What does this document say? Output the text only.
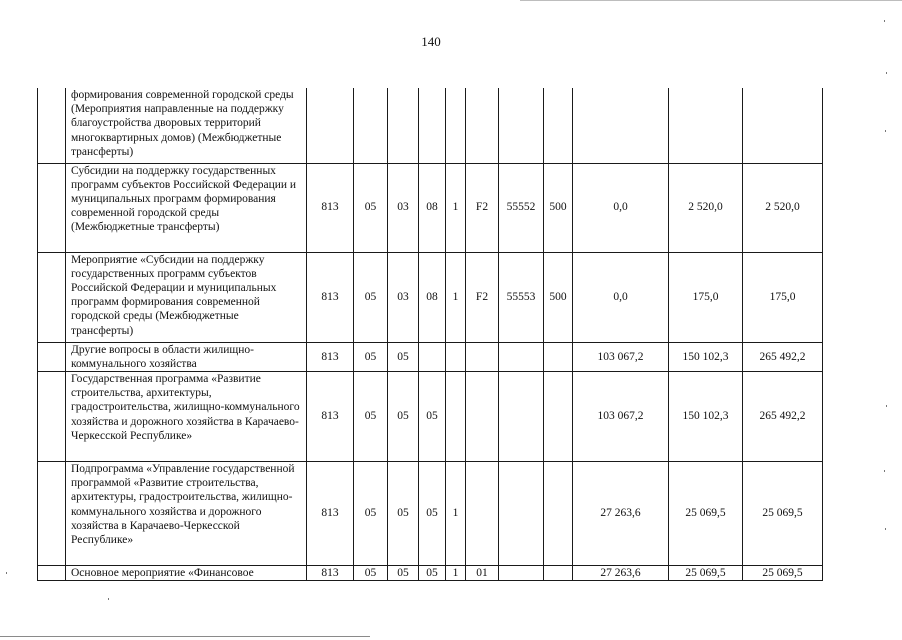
140
	формирования современной городской среды (Мероприятия направленные на поддержку благоустройства дворовых территорий многоквартирных домов) (Межбюджетные трансферты)											
	Субсидии на поддержку государственных программ субъектов Российской Федерации и муниципальных программ формирования современной городской среды (Межбюджетные трансферты)	813	05	03	08	1	F2	55552	500	0,0	2 520,0	2 520,0
	Мероприятие «Субсидии на поддержку государственных программ субъектов Российской Федерации и муниципальных программ формирования современной городской среды (Межбюджетные трансферты)	813	05	03	08	1	F2	55553	500	0,0	175,0	175,0
	Другие вопросы в области жилищно-коммунального хозяйства	813	05	05						103 067,2	150 102,3	265 492,2
	Государственная программа «Развитие строительства, архитектуры, градостроительства, жилищно-коммунального хозяйства и дорожного хозяйства в Карачаево-Черкесской Республике»	813	05	05	05					103 067,2	150 102,3	265 492,2
	Подпрограмма «Управление государственной программой «Развитие строительства, архитектуры, градостроительства, жилищно-коммунального хозяйства и дорожного хозяйства в Карачаево-Черкесской Республике»	813	05	05	05	1				27 263,6	25 069,5	25 069,5
	Основное мероприятие «Финансовое	813	05	05	05	1	01			27 263,6	25 069,5	25 069,5
